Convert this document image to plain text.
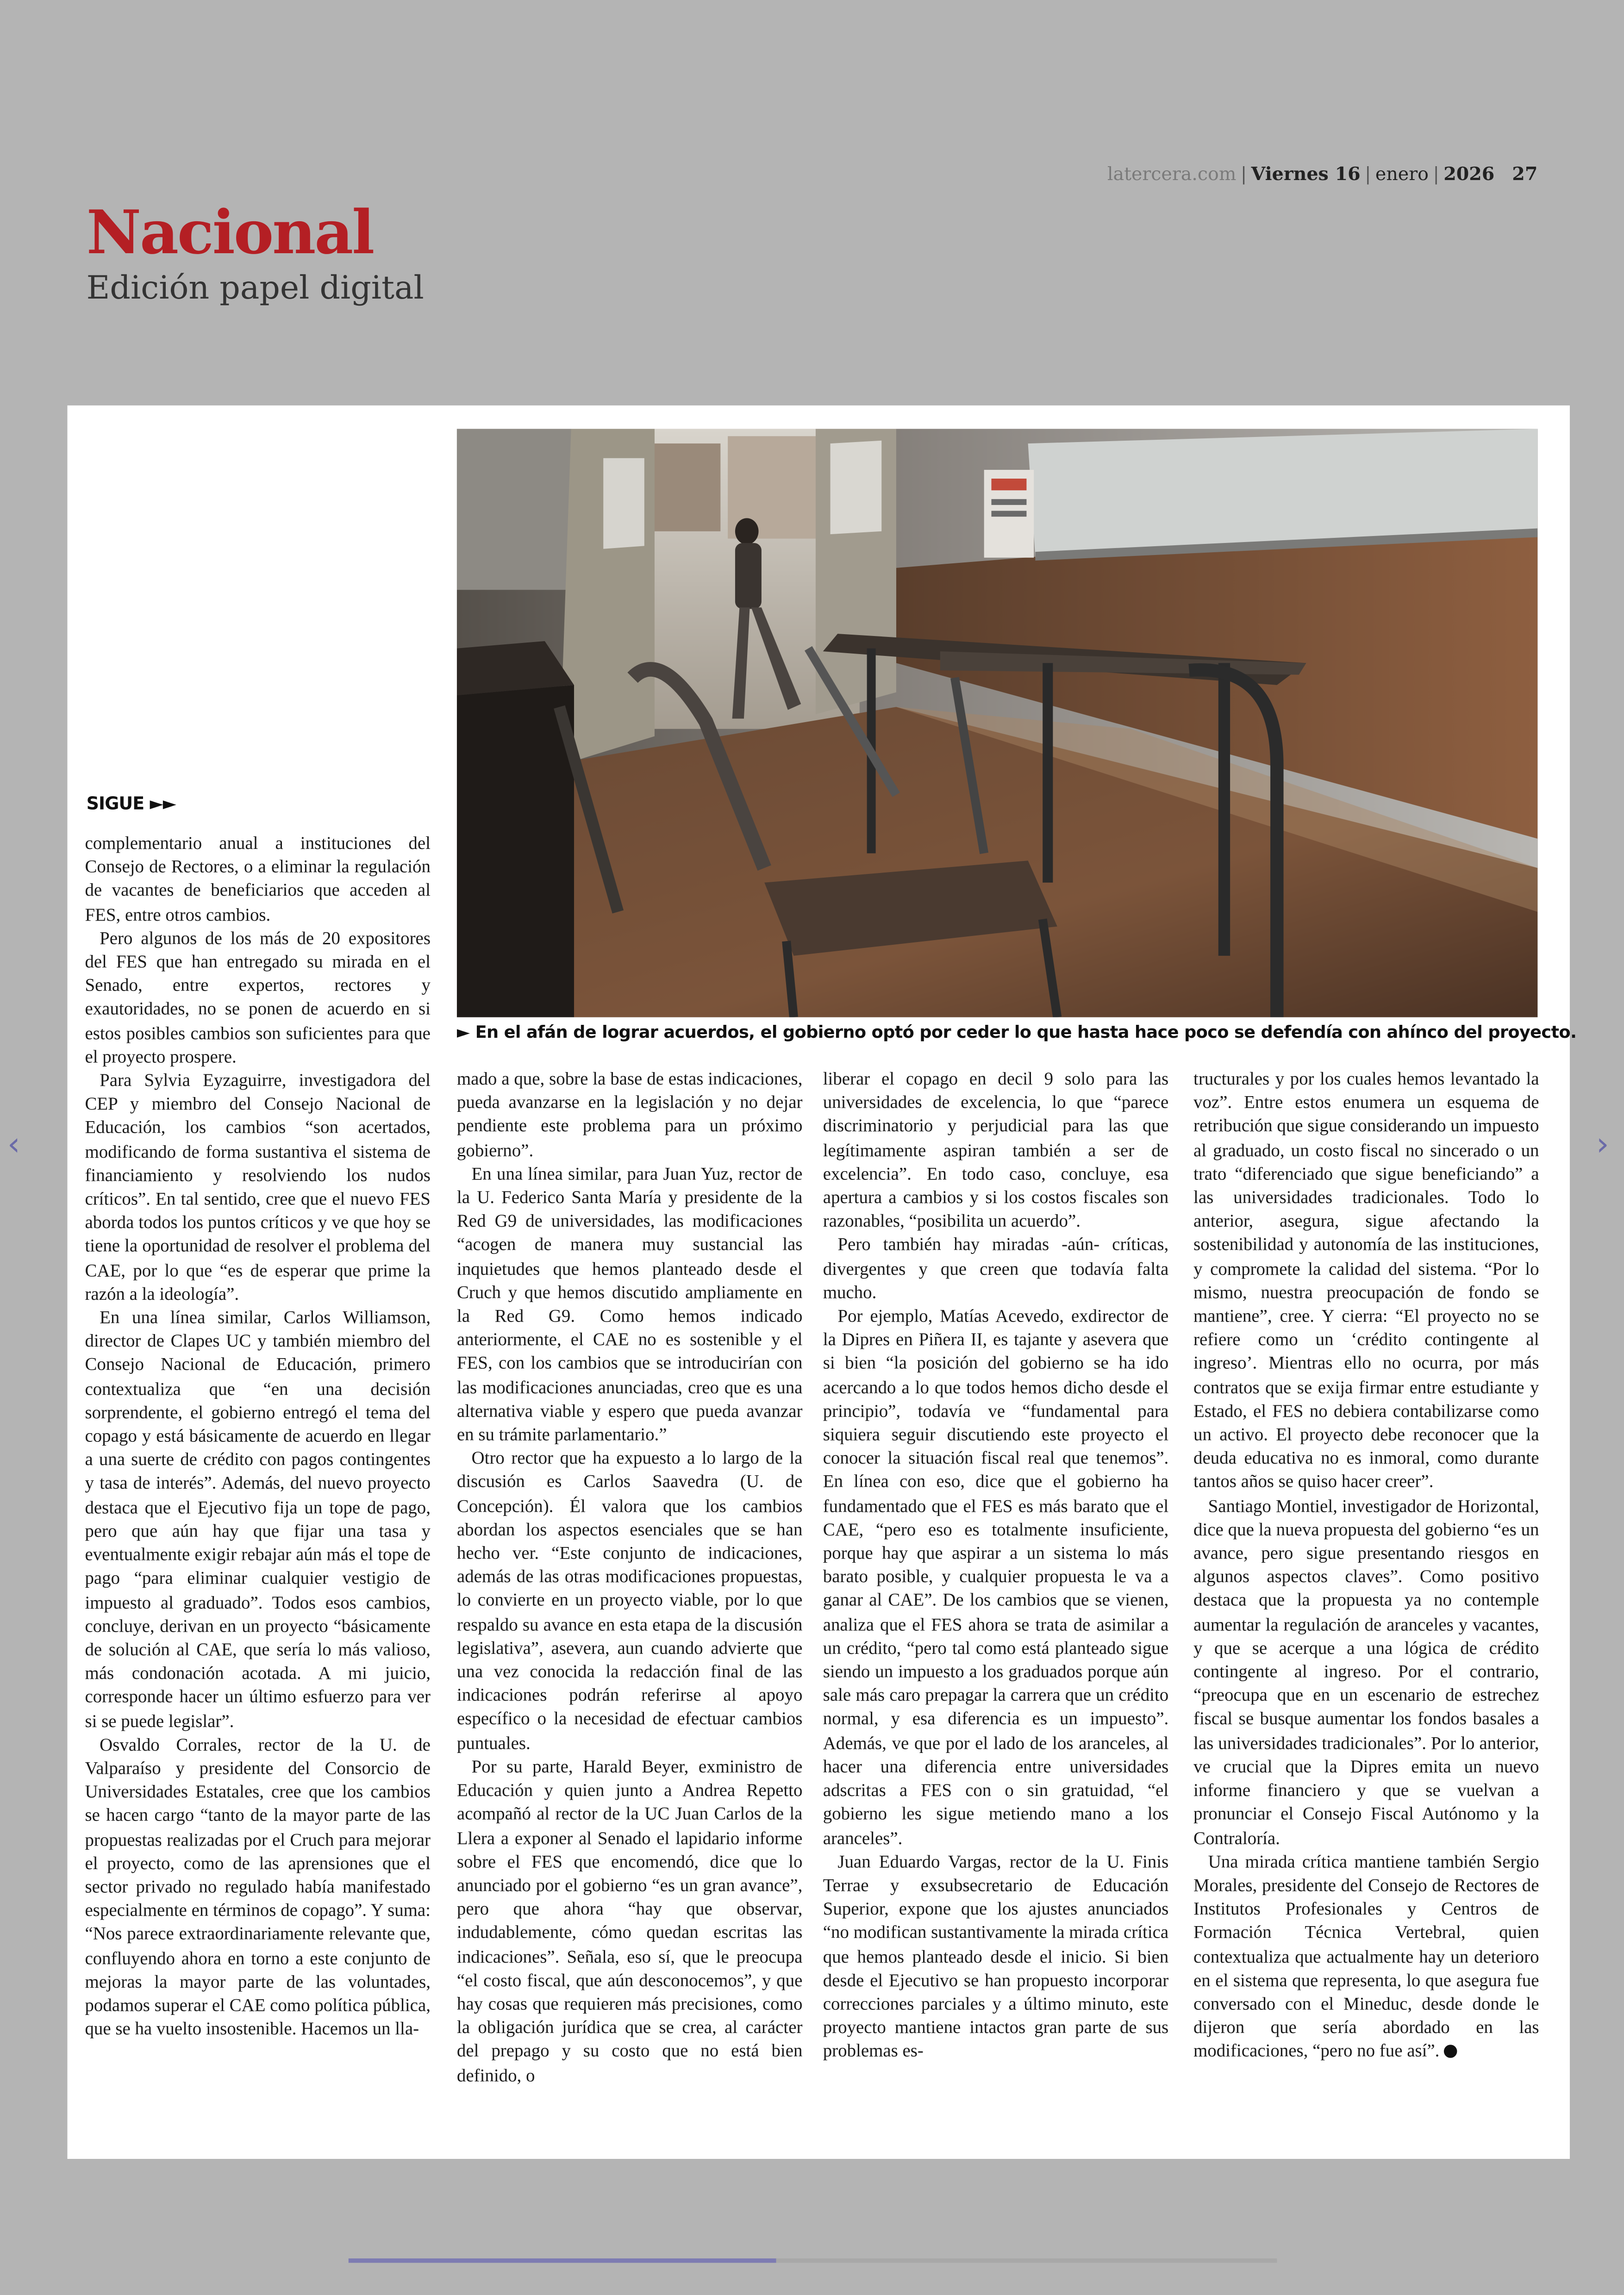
latercera.com | Viernes 16 | enero | 2026	27
Nacional
Edición papel digital
► En el afán de lograr acuerdos, el gobierno optó por ceder lo que hasta hace poco se defendía con ahínco del proyecto.
SIGUE ►►

complementario anual a instituciones del Consejo de Rectores, o a eliminar la regulación de vacantes de beneficiarios que acceden al FES, entre otros cambios.

Pero algunos de los más de 20 expositores del FES que han entregado su mirada en el Senado, entre expertos, rectores y exautoridades, no se ponen de acuerdo en si estos posibles cambios son suficientes para que el proyecto prospere.

Para Sylvia Eyzaguirre, investigadora del CEP y miembro del Consejo Nacional de Educación, los cambios “son acertados, modificando de forma sustantiva el sistema de financiamiento y resolviendo los nudos críticos”. En tal sentido, cree que el nuevo FES aborda todos los puntos críticos y ve que hoy se tiene la oportunidad de resolver el problema del CAE, por lo que “es de esperar que prime la razón a la ideología”.

En una línea similar, Carlos Williamson, director de Clapes UC y también miembro del Consejo Nacional de Educación, primero contextualiza que “en una decisión sorprendente, el gobierno entregó el tema del copago y está básicamente de acuerdo en llegar a una suerte de crédito con pagos contingentes y tasa de interés”. Además, del nuevo proyecto destaca que el Ejecutivo fija un tope de pago, pero que aún hay que fijar una tasa y eventualmente exigir rebajar aún más el tope de pago “para eliminar cualquier vestigio de impuesto al graduado”. Todos esos cambios, concluye, derivan en un proyecto “básicamente de solución al CAE, que sería lo más valioso, más condonación acotada. A mi juicio, corresponde hacer un último esfuerzo para ver si se puede legislar”.

Osvaldo Corrales, rector de la U. de Valparaíso y presidente del Consorcio de Universidades Estatales, cree que los cambios se hacen cargo “tanto de la mayor parte de las propuestas realizadas por el Cruch para mejorar el proyecto, como de las aprensiones que el sector privado no regulado había manifestado especialmente en términos de copago”. Y suma: “Nos parece extraordinariamente relevante que, confluyendo ahora en torno a este conjunto de mejoras la mayor parte de las voluntades, podamos superar el CAE como política pública, que se ha vuelto insostenible. Hacemos un lla-

mado a que, sobre la base de estas indicaciones, pueda avanzarse en la legislación y no dejar pendiente este problema para un próximo gobierno”.

En una línea similar, para Juan Yuz, rector de la U. Federico Santa María y presidente de la Red G9 de universidades, las modificaciones “acogen de manera muy sustancial las inquietudes que hemos planteado desde el Cruch y que hemos discutido ampliamente en la Red G9. Como hemos indicado anteriormente, el CAE no es sostenible y el FES, con los cambios que se introducirían con las modificaciones anunciadas, creo que es una alternativa viable y espero que pueda avanzar en su trámite parlamentario.”

Otro rector que ha expuesto a lo largo de la discusión es Carlos Saavedra (U. de Concepción). Él valora que los cambios abordan los aspectos esenciales que se han hecho ver. “Este conjunto de indicaciones, además de las otras modificaciones propuestas, lo convierte en un proyecto viable, por lo que respaldo su avance en esta etapa de la discusión legislativa”, asevera, aun cuando advierte que una vez conocida la redacción final de las indicaciones podrán referirse al apoyo específico o la necesidad de efectuar cambios puntuales.

Por su parte, Harald Beyer, exministro de Educación y quien junto a Andrea Repetto acompañó al rector de la UC Juan Carlos de la Llera a exponer al Senado el lapidario informe sobre el FES que encomendó, dice que lo anunciado por el gobierno “es un gran avance”, pero que ahora “hay que observar, indudablemente, cómo quedan escritas las indicaciones”. Señala, eso sí, que le preocupa “el costo fiscal, que aún desconocemos”, y que hay cosas que requieren más precisiones, como la obligación jurídica que se crea, al carácter del prepago y su costo que no está bien definido, o

liberar el copago en decil 9 solo para las universidades de excelencia, lo que “parece discriminatorio y perjudicial para las que legítimamente aspiran también a ser de excelencia”. En todo caso, concluye, esa apertura a cambios y si los costos fiscales son razonables, “posibilita un acuerdo”.

Pero también hay miradas -aún- críticas, divergentes y que creen que todavía falta mucho.

Por ejemplo, Matías Acevedo, exdirector de la Dipres en Piñera II, es tajante y asevera que si bien “la posición del gobierno se ha ido acercando a lo que todos hemos dicho desde el principio”, todavía ve “fundamental para siquiera seguir discutiendo este proyecto el conocer la situación fiscal real que tenemos”. En línea con eso, dice que el gobierno ha fundamentado que el FES es más barato que el CAE, “pero eso es totalmente insuficiente, porque hay que aspirar a un sistema lo más barato posible, y cualquier propuesta le va a ganar al CAE”. De los cambios que se vienen, analiza que el FES ahora se trata de asimilar a un crédito, “pero tal como está planteado sigue siendo un impuesto a los graduados porque aún sale más caro prepagar la carrera que un crédito normal, y esa diferencia es un impuesto”. Además, ve que por el lado de los aranceles, al hacer una diferencia entre universidades adscritas a FES con o sin gratuidad, “el gobierno les sigue metiendo mano a los aranceles”.

Juan Eduardo Vargas, rector de la U. Finis Terrae y exsubsecretario de Educación Superior, expone que los ajustes anunciados “no modifican sustantivamente la mirada crítica que hemos planteado desde el inicio. Si bien desde el Ejecutivo se han propuesto incorporar correcciones parciales y a último minuto, este proyecto mantiene intactos gran parte de sus problemas es-

tructurales y por los cuales hemos levantado la voz”. Entre estos enumera un esquema de retribución que sigue considerando un impuesto al graduado, un costo fiscal no sincerado o un trato “diferenciado que sigue beneficiando” a las universidades tradicionales. Todo lo anterior, asegura, sigue afectando la sostenibilidad y autonomía de las instituciones, y compromete la calidad del sistema. “Por lo mismo, nuestra preocupación de fondo se mantiene”, cree. Y cierra: “El proyecto no se refiere como un ‘crédito contingente al ingreso’. Mientras ello no ocurra, por más contratos que se exija firmar entre estudiante y Estado, el FES no debiera contabilizarse como un activo. El proyecto debe reconocer que la deuda educativa no es inmoral, como durante tantos años se quiso hacer creer”.

Santiago Montiel, investigador de Horizontal, dice que la nueva propuesta del gobierno “es un avance, pero sigue presentando riesgos en algunos aspectos claves”. Como positivo destaca que la propuesta ya no contemple aumentar la regulación de aranceles y vacantes, y que se acerque a una lógica de crédito contingente al ingreso. Por el contrario, “preocupa que en un escenario de estrechez fiscal se busque aumentar los fondos basales a las universidades tradicionales”. Por lo anterior, ve crucial que la Dipres emita un nuevo informe financiero y que se vuelvan a pronunciar el Consejo Fiscal Autónomo y la Contraloría.

Una mirada crítica mantiene también Sergio Morales, presidente del Consejo de Rectores de Institutos Profesionales y Centros de Formación Técnica Vertebral, quien contextualiza que actualmente hay un deterioro en el sistema que representa, lo que asegura fue conversado con el Mineduc, desde donde le dijeron que sería abordado en las modificaciones, “pero no fue así”.

‹	›
